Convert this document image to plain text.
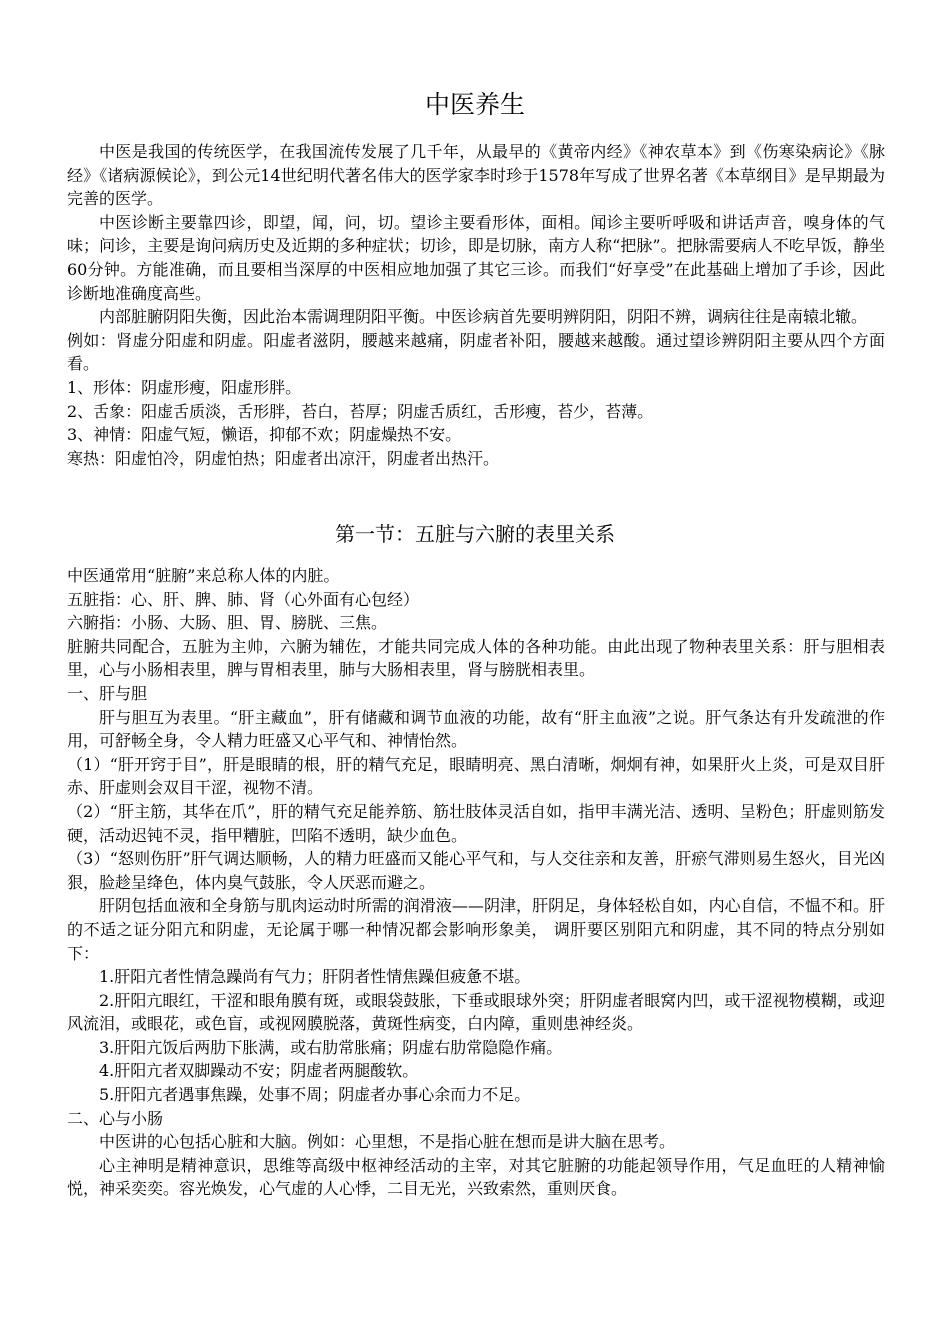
中医养生

中医是我国的传统医学，在我国流传发展了几千年，从最早的《黄帝内经》《神农草本》到《伤寒染病论》《脉经》《诸病源候论》，到公元14世纪明代著名伟大的医学家李时珍于1578年写成了世界名著《本草纲目》是早期最为完善的医学。

中医诊断主要靠四诊，即望，闻，问，切。望诊主要看形体，面相。闻诊主要听呼吸和讲话声音，嗅身体的气味；问诊，主要是询问病历史及近期的多种症状；切诊，即是切脉，南方人称“把脉”。把脉需要病人不吃早饭，静坐60分钟。方能准确，而且要相当深厚的中医相应地加强了其它三诊。而我们“好享受”在此基础上增加了手诊，因此诊断地准确度高些。

内部脏腑阴阳失衡，因此治本需调理阴阳平衡。中医诊病首先要明辨阴阳，阴阳不辨，调病往往是南辕北辙。

例如：肾虚分阳虚和阴虚。阳虚者滋阴，腰越来越痛，阴虚者补阳，腰越来越酸。通过望诊辨阴阳主要从四个方面看。

1、形体：阴虚形瘦，阳虚形胖。

2、舌象：阳虚舌质淡，舌形胖，苔白，苔厚；阴虚舌质红，舌形瘦，苔少，苔薄。

3、神情：阳虚气短，懒语，抑郁不欢；阴虚燥热不安。

寒热：阳虚怕冷，阴虚怕热；阳虚者出凉汗，阴虚者出热汗。

第一节：五脏与六腑的表里关系

中医通常用“脏腑”来总称人体的内脏。

五脏指：心、肝、脾、肺、肾（心外面有心包经）

六腑指：小肠、大肠、胆、胃、膀胱、三焦。

脏腑共同配合，五脏为主帅，六腑为辅佐，才能共同完成人体的各种功能。由此出现了物种表里关系：肝与胆相表里，心与小肠相表里，脾与胃相表里，肺与大肠相表里，肾与膀胱相表里。

一、肝与胆

肝与胆互为表里。“肝主藏血”，肝有储藏和调节血液的功能，故有“肝主血液”之说。肝气条达有升发疏泄的作用，可舒畅全身，令人精力旺盛又心平气和、神情怡然。

（1）“肝开窍于目”，肝是眼睛的根，肝的精气充足，眼睛明亮、黑白清晰，炯炯有神，如果肝火上炎，可是双目肝赤、肝虚则会双目干涩，视物不清。

（2）“肝主筋，其华在爪”，肝的精气充足能养筋、筋壮肢体灵活自如，指甲丰满光洁、透明、呈粉色；肝虚则筋发硬，活动迟钝不灵，指甲糟脏，凹陷不透明，缺少血色。

（3）“怒则伤肝”肝气调达顺畅，人的精力旺盛而又能心平气和，与人交往亲和友善，肝瘀气滞则易生怒火，目光凶狠，脸趁呈绛色，体内臭气鼓胀，令人厌恶而避之。

肝阴包括血液和全身筋与肌肉运动时所需的润滑液——阴津，肝阴足，身体轻松自如，内心自信，不愠不和。肝的不适之证分阳亢和阴虚，无论属于哪一种情况都会影响形象美， 调肝要区别阳亢和阴虚，其不同的特点分别如下：

1.肝阳亢者性情急躁尚有气力；肝阴者性情焦躁但疲惫不堪。

2.肝阳亢眼红，干涩和眼角膜有斑，或眼袋鼓胀，下垂或眼球外突；肝阴虚者眼窝内凹，或干涩视物模糊，或迎风流泪，或眼花，或色盲，或视网膜脱落，黄斑性病变，白内障，重则患神经炎。

3.肝阳亢饭后两肋下胀满，或右肋常胀痛；阴虚右肋常隐隐作痛。

4.肝阳亢者双脚躁动不安；阴虚者两腿酸软。

5.肝阳亢者遇事焦躁，处事不周；阴虚者办事心余而力不足。

二、心与小肠

中医讲的心包括心脏和大脑。例如：心里想，不是指心脏在想而是讲大脑在思考。

心主神明是精神意识，思维等高级中枢神经活动的主宰，对其它脏腑的功能起领导作用，气足血旺的人精神愉悦，神采奕奕。容光焕发，心气虚的人心悸，二目无光，兴致索然，重则厌食。
